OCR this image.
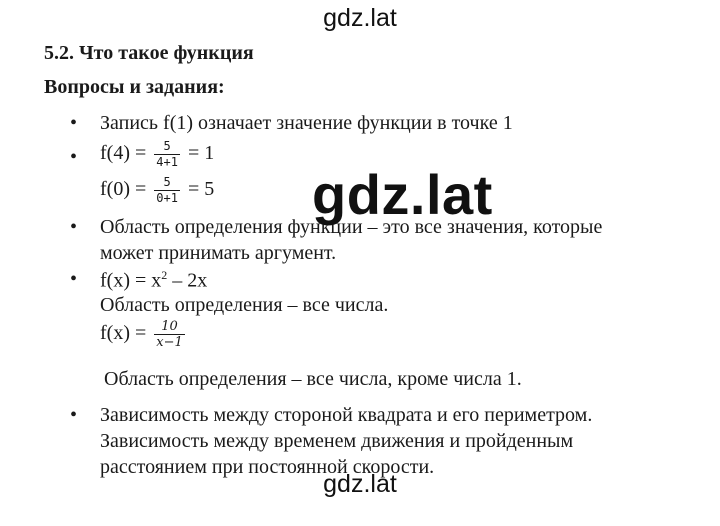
gdz.lat
5.2. Что такое функция
Вопросы и задания:
• Запись f(1) означает значение функции в точке 1
• $f(4) = \frac{5}{4+1} = 1$
$f(0) = \frac{5}{0+1} = 5$
• Область определения функции – это все значения, которые
может принимать аргумент.
• $f(x) = x^2 - 2x$
Область определения – все числа.
$f(x) = \frac{10}{x-1}$
Область определения – все числа, кроме числа 1.
• Зависимость между стороной квадрата и его периметром.
Зависимость между временем движения и пройденным
расстоянием при постоянной скорости.
gdz.lat
gdz.lat
